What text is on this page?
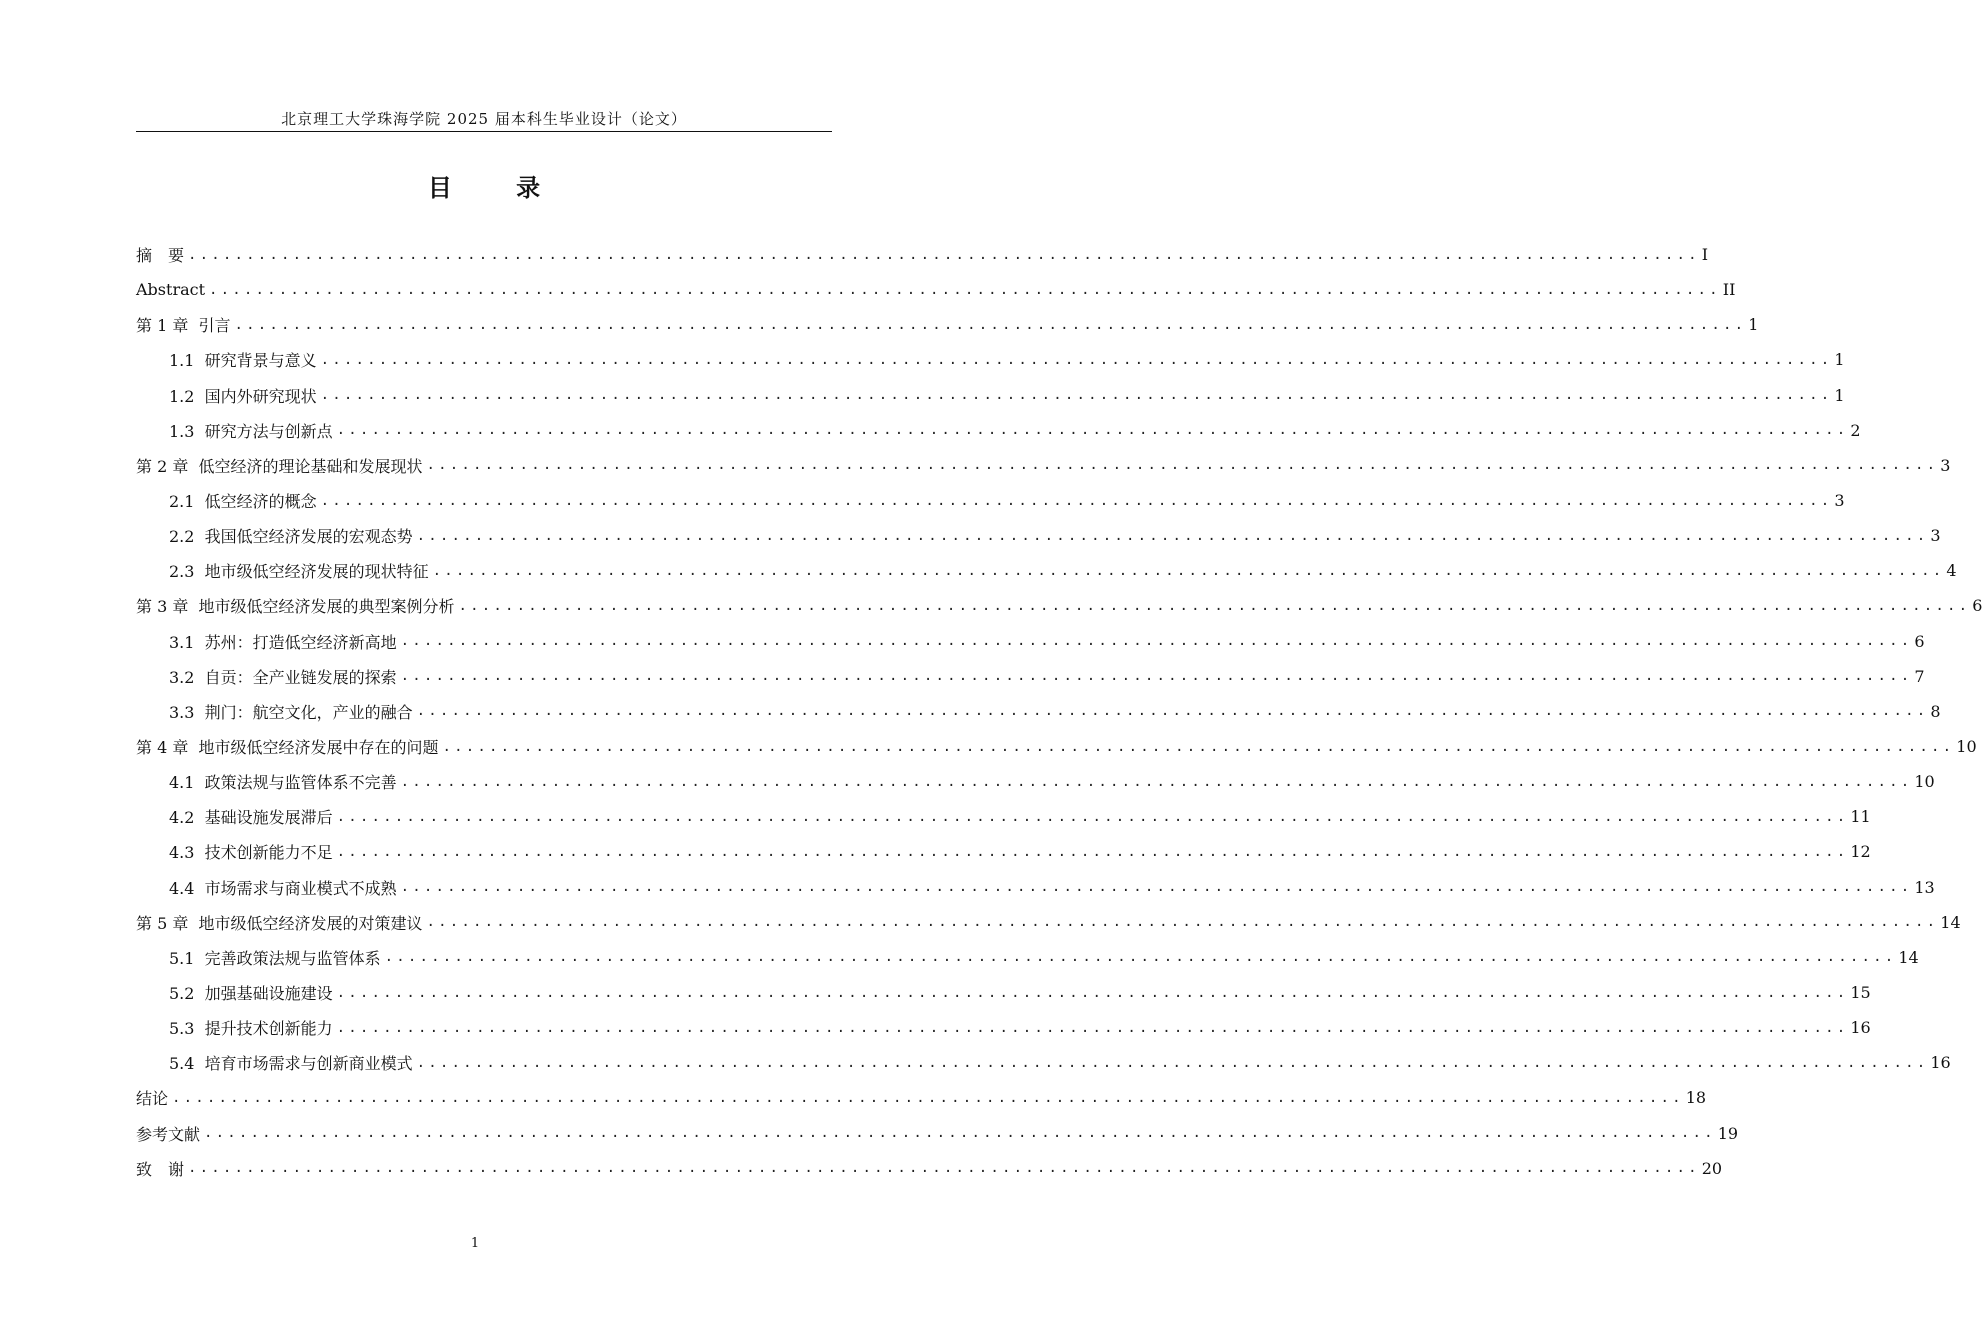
北京理工大学珠海学院 2025 届本科生毕业设计（论文）
目 录
摘　要 .................................................................................................................................. I
Abstract .................................................................................................................................. II
第 1 章  引言 .................................................................................................................................. 1
1.1  研究背景与意义 .................................................................................................................................. 1
1.2  国内外研究现状 .................................................................................................................................. 1
1.3  研究方法与创新点 .................................................................................................................................. 2
第 2 章  低空经济的理论基础和发展现状 .................................................................................................................................. 3
2.1  低空经济的概念 .................................................................................................................................. 3
2.2  我国低空经济发展的宏观态势 .................................................................................................................................. 3
2.3  地市级低空经济发展的现状特征 .................................................................................................................................. 4
第 3 章  地市级低空经济发展的典型案例分析 .................................................................................................................................. 6
3.1  苏州：打造低空经济新高地 .................................................................................................................................. 6
3.2  自贡：全产业链发展的探索 .................................................................................................................................. 7
3.3  荆门：航空文化，产业的融合 .................................................................................................................................. 8
第 4 章  地市级低空经济发展中存在的问题 .................................................................................................................................. 10
4.1  政策法规与监管体系不完善 .................................................................................................................................. 10
4.2  基础设施发展滞后 .................................................................................................................................. 11
4.3  技术创新能力不足 .................................................................................................................................. 12
4.4  市场需求与商业模式不成熟 .................................................................................................................................. 13
第 5 章  地市级低空经济发展的对策建议 .................................................................................................................................. 14
5.1  完善政策法规与监管体系 .................................................................................................................................. 14
5.2  加强基础设施建设 .................................................................................................................................. 15
5.3  提升技术创新能力 .................................................................................................................................. 16
5.4  培育市场需求与创新商业模式 .................................................................................................................................. 16
结论 .................................................................................................................................. 18
参考文献 .................................................................................................................................. 19
致　谢 .................................................................................................................................. 20
1
